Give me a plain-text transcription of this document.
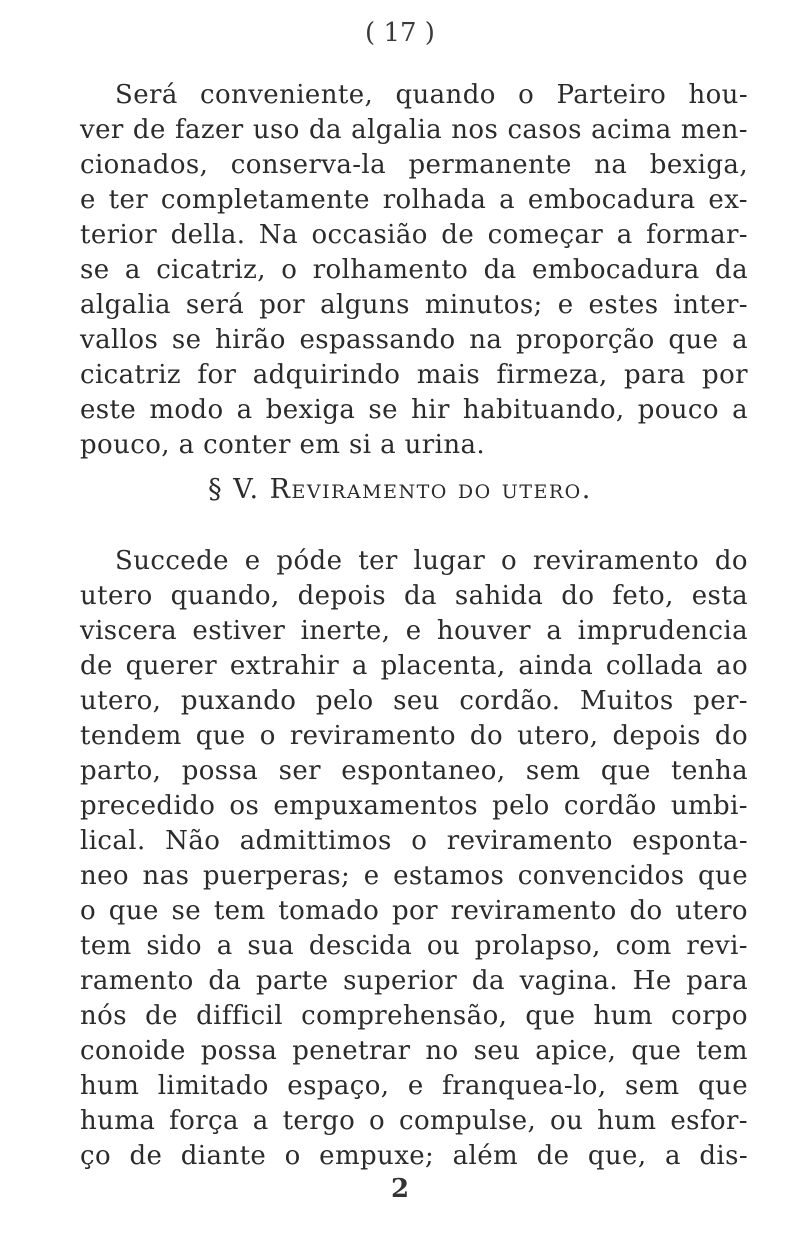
( 17 )
Será conveniente, quando o Parteiro hou-
ver de fazer uso da algalia nos casos acima men-
cionados, conserva-la permanente na bexiga,
e ter completamente rolhada a embocadura ex-
terior della. Na occasião de começar a formar-
se a cicatriz, o rolhamento da embocadura da
algalia será por alguns minutos; e estes inter-
vallos se hirão espassando na proporção que a
cicatriz for adquirindo mais firmeza, para por
este modo a bexiga se hir habituando, pouco a
pouco, a conter em si a urina.
§ V. Reviramento do utero.
Succede e póde ter lugar o reviramento do
utero quando, depois da sahida do feto, esta
viscera estiver inerte, e houver a imprudencia
de querer extrahir a placenta, ainda collada ao
utero, puxando pelo seu cordão. Muitos per-
tendem que o reviramento do utero, depois do
parto, possa ser espontaneo, sem que tenha
precedido os empuxamentos pelo cordão umbi-
lical. Não admittimos o reviramento esponta-
neo nas puerperas; e estamos convencidos que
o que se tem tomado por reviramento do utero
tem sido a sua descida ou prolapso, com revi-
ramento da parte superior da vagina. He para
nós de difficil comprehensão, que hum corpo
conoide possa penetrar no seu apice, que tem
hum limitado espaço, e franquea-lo, sem que
huma força a tergo o compulse, ou hum esfor-
ço de diante o empuxe; além de que, a dis-
2
